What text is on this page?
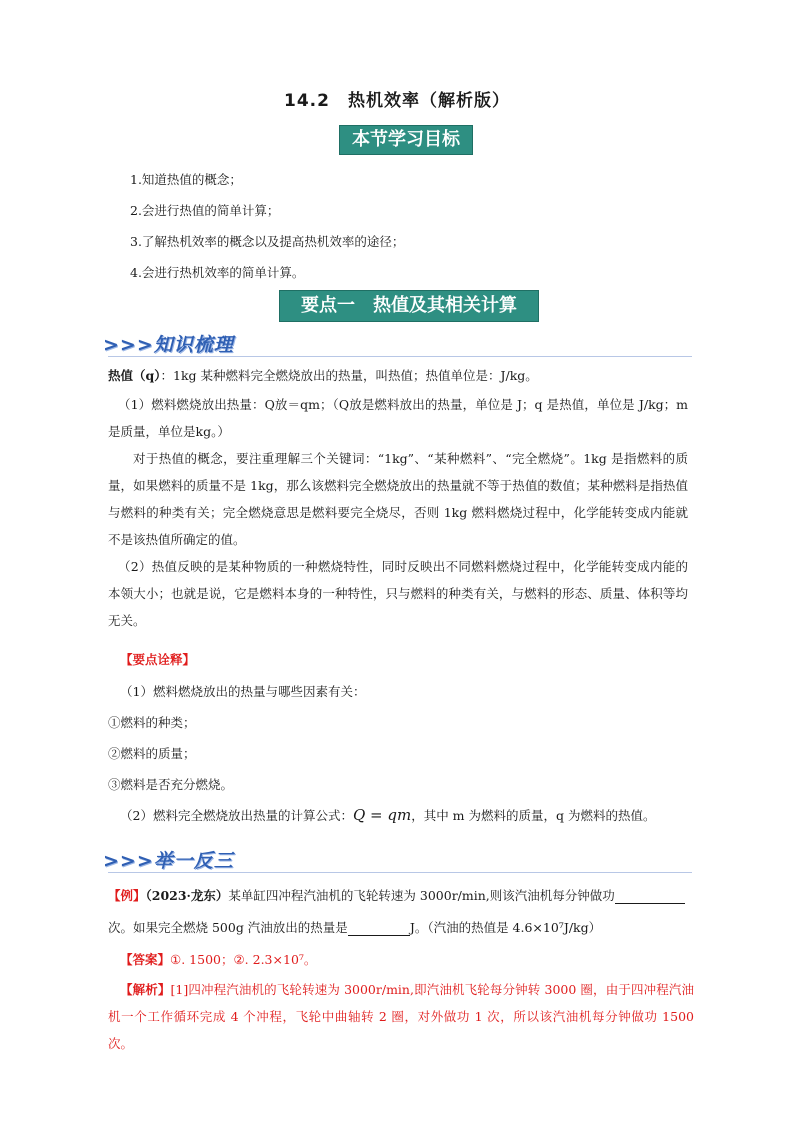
14.2　热机效率（解析版）
本节学习目标
1.知道热值的概念；
2.会进行热值的简单计算；
3.了解热机效率的概念以及提高热机效率的途径；
4.会进行热机效率的简单计算。
要点一　热值及其相关计算
>>>知识梳理
热值（q）：1kg 某种燃料完全燃烧放出的热量，叫热值；热值单位是：J/kg。
（1）燃料燃烧放出热量：Q放＝qm；（Q放是燃料放出的热量，单位是 J；q 是热值，单位是 J/kg；m 是质量，单位是kg。）
对于热值的概念，要注重理解三个关键词：“1kg”、“某种燃料”、“完全燃烧”。1kg 是指燃料的质量，如果燃料的质量不是 1kg，那么该燃料完全燃烧放出的热量就不等于热值的数值；某种燃料是指热值与燃料的种类有关；完全燃烧意思是燃料要完全烧尽，否则 1kg 燃料燃烧过程中，化学能转变成内能就不是该热值所确定的值。
（2）热值反映的是某种物质的一种燃烧特性，同时反映出不同燃料燃烧过程中，化学能转变成内能的本领大小；也就是说，它是燃料本身的一种特性，只与燃料的种类有关，与燃料的形态、质量、体积等均无关。
【要点诠释】
（1）燃料燃烧放出的热量与哪些因素有关：
①燃料的种类；
②燃料的质量；
③燃料是否充分燃烧。
（2）燃料完全燃烧放出热量的计算公式：Q = qm，其中 m 为燃料的质量，q 为燃料的热值。
>>>举一反三
【例】（2023·龙东）某单缸四冲程汽油机的飞轮转速为 3000r/min,则该汽油机每分钟做功
次。如果完全燃烧 500g 汽油放出的热量是	J。（汽油的热值是 4.6×10⁷J/kg）
【答案】①. 1500；②. 2.3×10⁷。
【解析】[1]四冲程汽油机的飞轮转速为 3000r/min,即汽油机飞轮每分钟转 3000 圈，由于四冲程汽油机一个工作循环完成 4 个冲程，飞轮中曲轴转 2 圈，对外做功 1 次，所以该汽油机每分钟做功 1500 次。
